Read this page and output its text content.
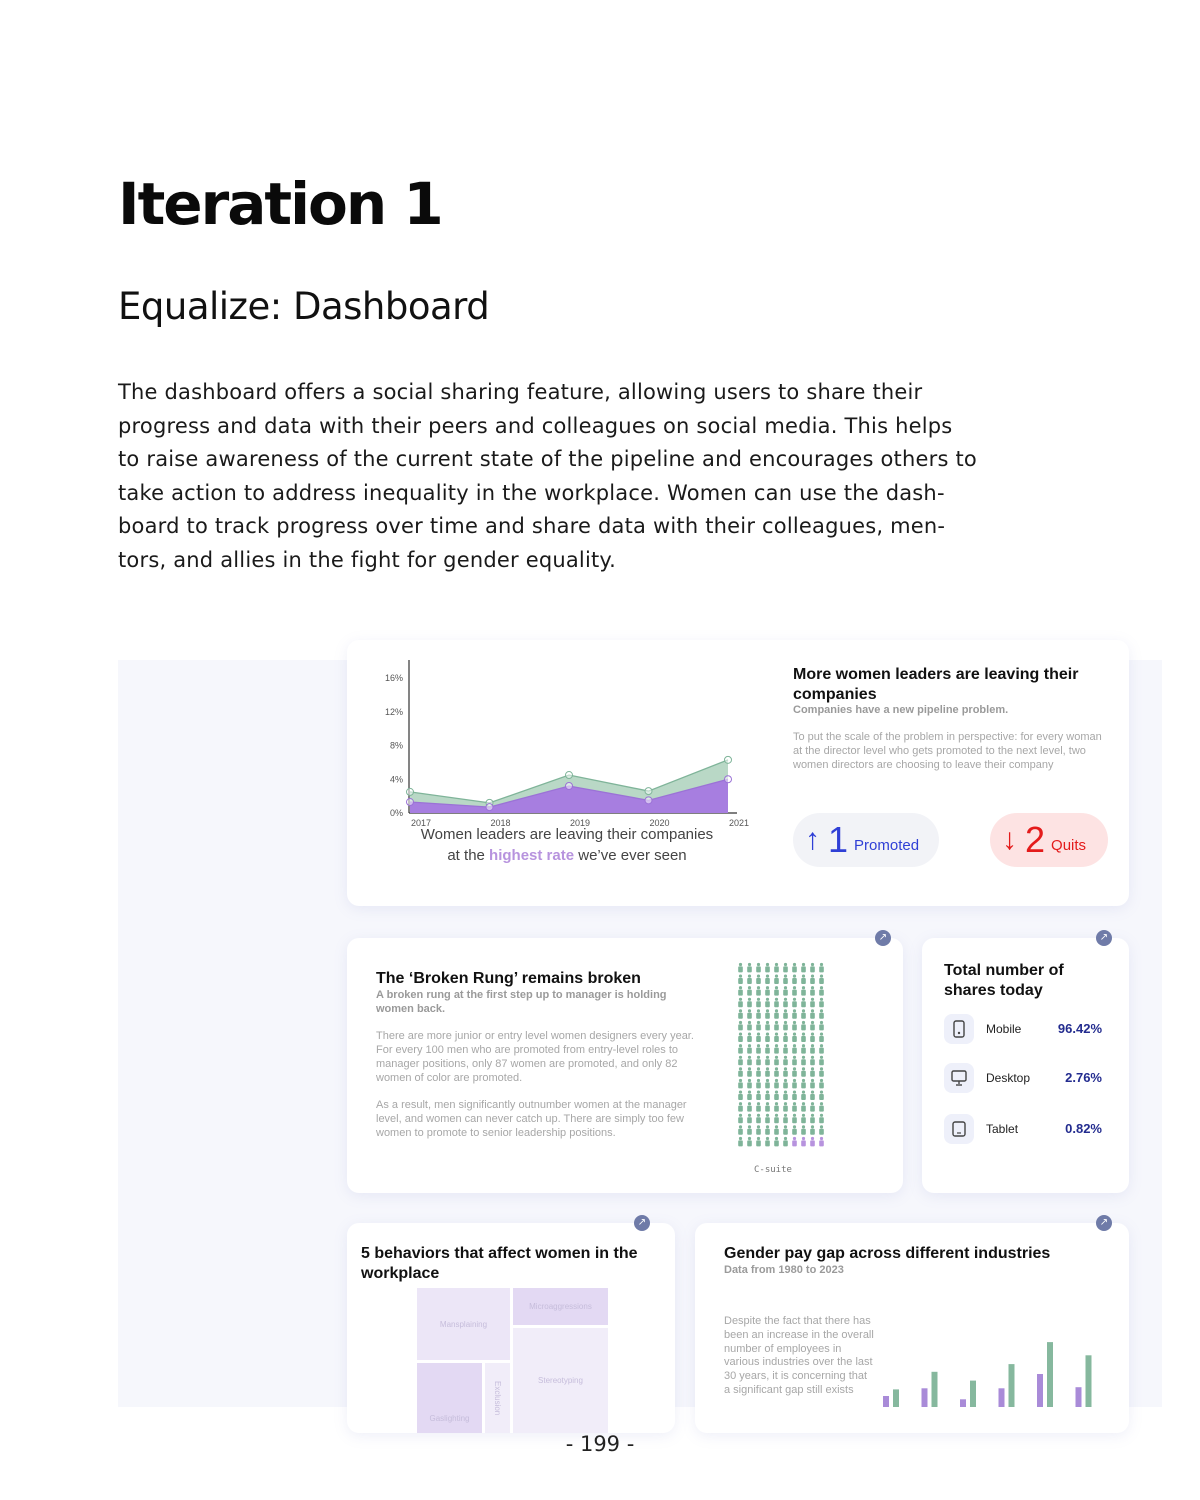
Iteration 1
Equalize: Dashboard

The dashboard offers a social sharing feature, allowing users to share their
progress and data with their peers and colleagues on social media. This helps
to raise awareness of the current state of the pipeline and encourages others to
take action to address inequality in the workplace. Women can use the dash-
board to track progress over time and share data with their colleagues, men-
tors, and allies in the fight for gender equality.

16%
12%
8%
4%
0%
2017	2018	2019	2020	2021
Women leaders are leaving their companies
at the highest rate we’ve ever seen
More women leaders are leaving their companies
Companies have a new pipeline problem.
To put the scale of the problem in perspective: for every woman at the director level who gets promoted to the next level, two women directors are choosing to leave their company
↑ 1 Promoted	↓ 2 Quits
↗
The ‘Broken Rung’ remains broken
A broken rung at the first step up to manager is holding women back.
There are more junior or entry level women designers every year. For every 100 men who are promoted from entry-level roles to manager positions, only 87 women are promoted, and only 82 women of color are promoted.
As a result, men significantly outnumber women at the manager level, and women can never catch up. There are simply too few women to promote to senior leadership positions.
C-suite
↗
Total number of shares today
Mobile	96.42%
Desktop	2.76%
Tablet	0.82%
↗
5 behaviors that affect women in the workplace
Mansplaining
Microaggressions
Stereotyping
Gaslighting
Exclusion
↗
Gender pay gap across different industries
Data from 1980 to 2023
Despite the fact that there has been an increase in the overall number of employees in various industries over the last 30 years, it is concerning that a significant gap still exists
- 199 -
